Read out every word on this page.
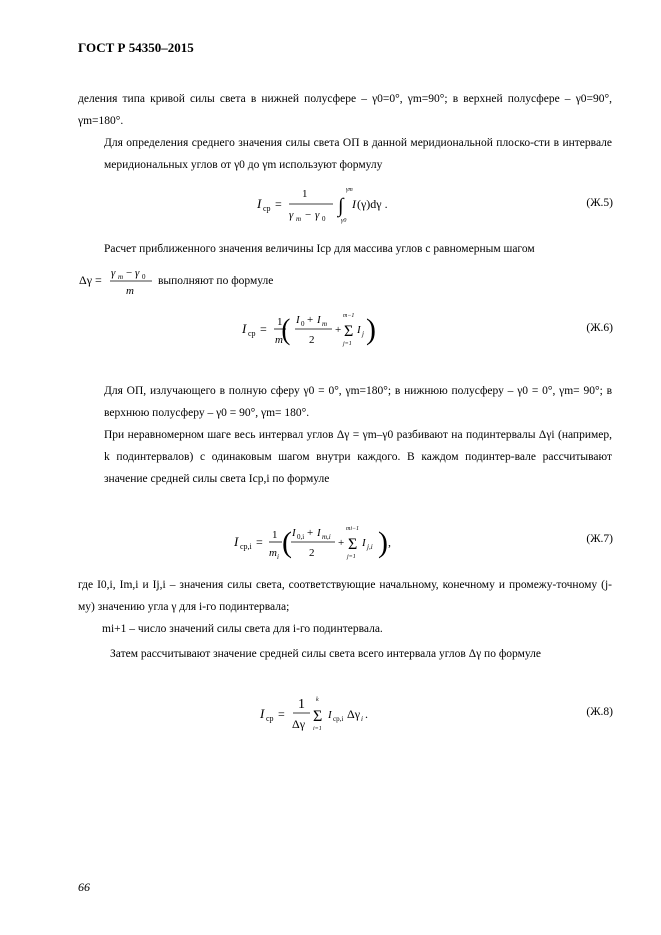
ГОСТ Р 54350–2015
деления типа кривой силы света в нижней полусфере – γ0=0°, γm=90°; в верхней полусфере – γ0=90°, γm=180°.
Для определения среднего значения силы света ОП в данной меридиональной плоско-сти в интервале меридиональных углов от γ0 до γm используют формулу
I ср =
1
γ m − γ 0
∫
γm
γ0
I (γ)dγ .	(Ж.5)
Расчет приближенного значения величины Iср для массива углов с равномерным шагом
Δγ = γ m − γ 0
m
выполняют по формуле
I ср = 1
m
( I 0 + I m
2
+ Σ
m−1
j=1
I j )	(Ж.6)
Для ОП, излучающего в полную сферу γ0 = 0°, γm=180°; в нижнюю полусферу – γ0 = 0°, γm= 90°; в верхнюю полусферу – γ0 = 90°, γm= 180°.
При неравномерном шаге весь интервал углов Δγ = γm–γ0 разбивают на подинтервалы Δγi (например, k подинтервалов) с одинаковым шагом внутри каждого. В каждом подинтер-вале рассчитывают значение средней силы света Iср,i по формуле
I ср,i = 1
m i ( I 0,i + I m,i
2
+ Σ
mi−1
j=1
I j,i ) ,	(Ж.7)
где I0,i, Im,i и Ij,i – значения силы света, соответствующие начальному, конечному и промежу-точному (j-му) значению угла γ для i-го подинтервала;
mi+1 – число значений силы света для i-го подинтервала.
Затем рассчитывают значение средней силы света всего интервала углов Δγ по формуле
I ср =
1
Δγ Σ
k
i=1
I ср,i Δγ i .	(Ж.8)
66
